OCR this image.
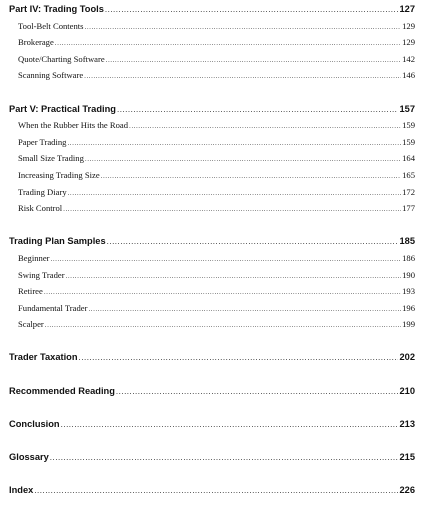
Part IV: Trading Tools .....	127
Tool-Belt Contents .....	129
Brokerage .....	129
Quote/Charting Software .....	142
Scanning Software .....	146
Part V: Practical Trading .....	157
When the Rubber Hits the Road .....	159
Paper Trading .....	159
Small Size Trading .....	164
Increasing Trading Size .....	165
Trading Diary .....	172
Risk Control .....	177
Trading Plan Samples .....	185
Beginner .....	186
Swing Trader .....	190
Retiree .....	193
Fundamental Trader .....	196
Scalper .....	199
Trader Taxation .....	202
Recommended Reading .....	210
Conclusion .....	213
Glossary .....	215
Index .....	226
